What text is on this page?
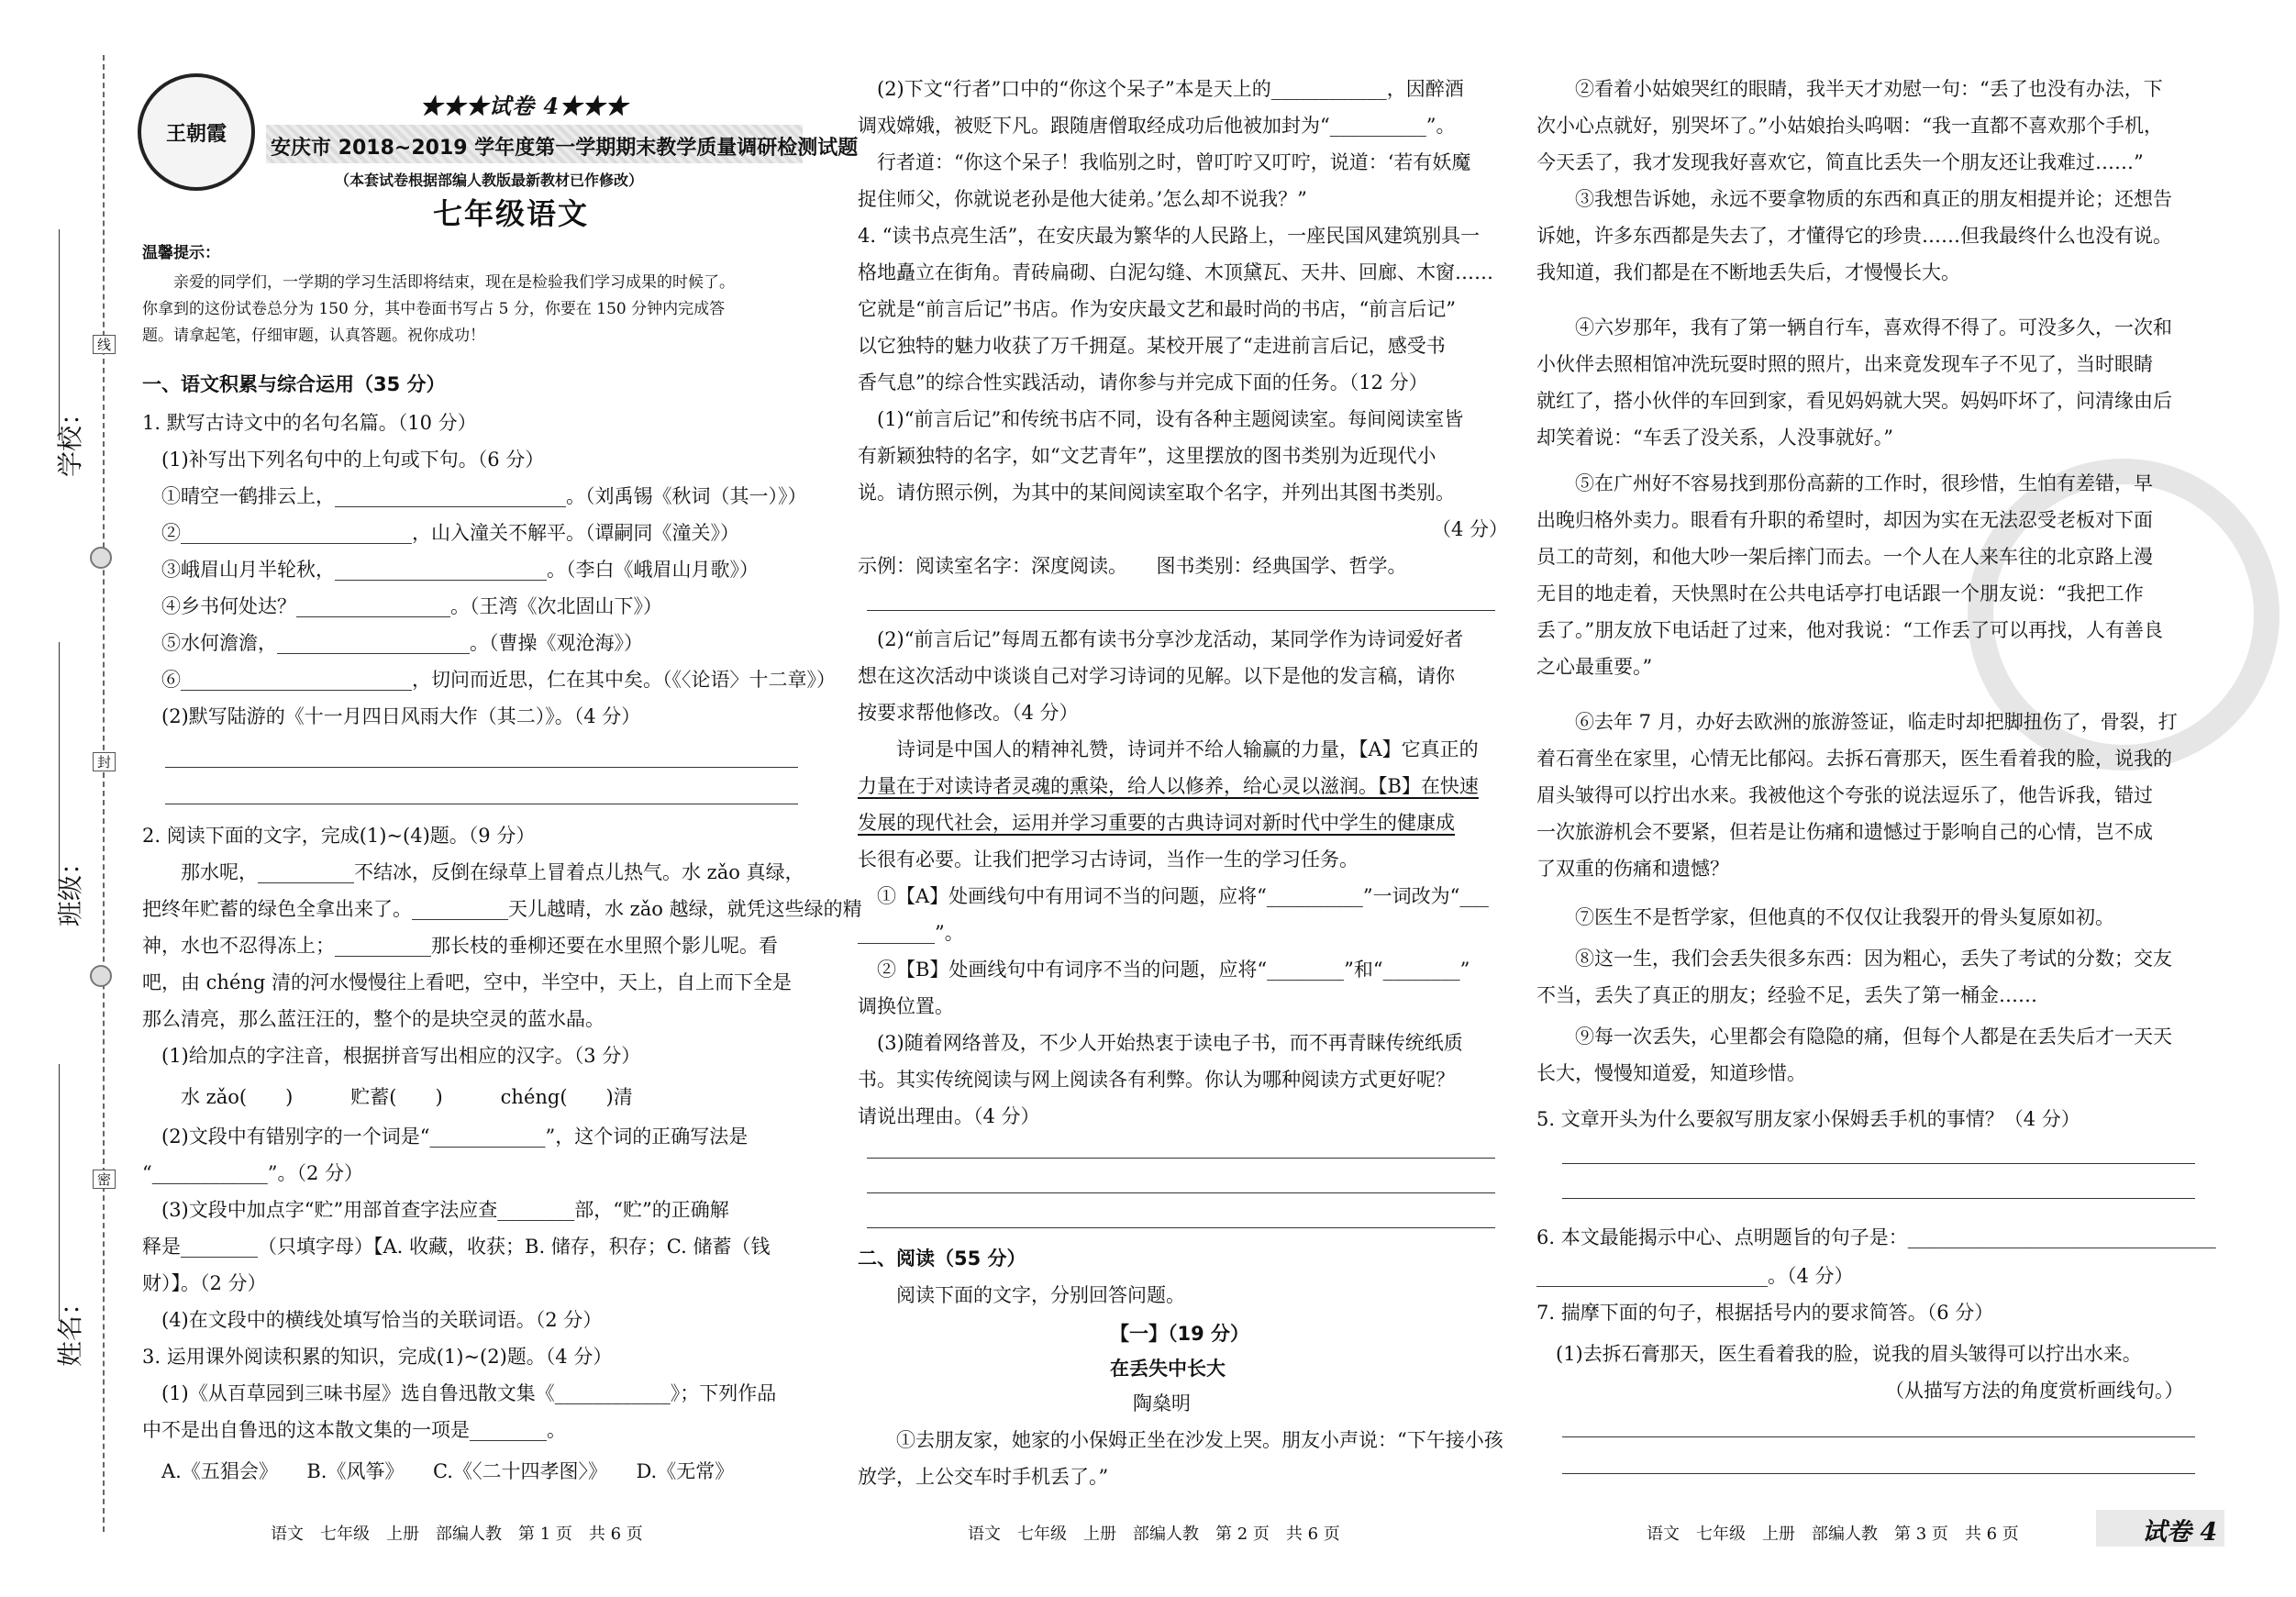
线
封
密
学校：
班级：
姓名：
王朝霞
★★★试卷 4★★★
安庆市 2018~2019 学年度第一学期期末教学质量调研检测试题
（本套试卷根据部编人教版最新教材已作修改）
七年级语文
温馨提示：
　　亲爱的同学们，一学期的学习生活即将结束，现在是检验我们学习成果的时候了。
你拿到的这份试卷总分为 150 分，其中卷面书写占 5 分，你要在 150 分钟内完成答
题。请拿起笔，仔细审题，认真答题。祝你成功！
一、语文积累与综合运用（35 分）
1. 默写古诗文中的名句名篇。（10 分）
　(1)补写出下列名句中的上句或下句。（6 分）
　①晴空一鹤排云上，________________________。（刘禹锡《秋词（其一）》）
　②________________________，山入潼关不解平。（谭嗣同《潼关》）
　③峨眉山月半轮秋，______________________。（李白《峨眉山月歌》）
　④乡书何处达？________________。（王湾《次北固山下》）
　⑤水何澹澹，____________________。（曹操《观沧海》）
　⑥________________________，切问而近思，仁在其中矣。（《〈论语〉十二章》）
　(2)默写陆游的《十一月四日风雨大作（其二）》。（4 分）
2. 阅读下面的文字，完成(1)~(4)题。（9 分）
　　那水呢，__________不结冰，反倒在绿草上冒着点儿热气。水 zǎo 真绿，
把终年贮蓄的绿色全拿出来了。__________天儿越晴，水 zǎo 越绿，就凭这些绿的精
神，水也不忍得冻上；__________那长枝的垂柳还要在水里照个影儿呢。看
吧，由 chéng 清的河水慢慢往上看吧，空中，半空中，天上，自上而下全是
那么清亮，那么蓝汪汪的，整个的是块空灵的蓝水晶。
　(1)给加点的字注音，根据拼音写出相应的汉字。（3 分）
　　水 zǎo(　　)　　　贮蓄(　　)　　　chéng(　　)清
　(2)文段中有错别字的一个词是“____________”，这个词的正确写法是
“____________”。（2 分）
　(3)文段中加点字“贮”用部首查字法应查________部，“贮”的正确解
释是________（只填字母）【A. 收藏，收获；B. 储存，积存；C. 储蓄（钱
财）】。（2 分）
　(4)在文段中的横线处填写恰当的关联词语。（2 分）
3. 运用课外阅读积累的知识，完成(1)~(2)题。（4 分）
　(1)《从百草园到三味书屋》选自鲁迅散文集《____________》；下列作品
中不是出自鲁迅的这本散文集的一项是________。
　A.《五猖会》　　B.《风筝》　　C.《〈二十四孝图〉》　　D.《无常》
语文　七年级　上册　部编人教　第 1 页　共 6 页
　(2)下文“行者”口中的“你这个呆子”本是天上的____________，因醉酒
调戏嫦娥，被贬下凡。跟随唐僧取经成功后他被加封为“__________”。
　行者道：“你这个呆子！我临别之时，曾叮咛又叮咛，说道：‘若有妖魔
捉住师父，你就说老孙是他大徒弟。’怎么却不说我？”
4. “读书点亮生活”，在安庆最为繁华的人民路上，一座民国风建筑别具一
格地矗立在街角。青砖扁砌、白泥勾缝、木顶黛瓦、天井、回廊、木窗……
它就是“前言后记”书店。作为安庆最文艺和最时尚的书店，“前言后记”
以它独特的魅力收获了万千拥趸。某校开展了“走进前言后记，感受书
香气息”的综合性实践活动，请你参与并完成下面的任务。（12 分）
　(1)“前言后记”和传统书店不同，设有各种主题阅读室。每间阅读室皆
有新颖独特的名字，如“文艺青年”，这里摆放的图书类别为近现代小
说。请仿照示例，为其中的某间阅读室取个名字，并列出其图书类别。
（4 分）
示例：阅读室名字：深度阅读。　　图书类别：经典国学、哲学。
　(2)“前言后记”每周五都有读书分享沙龙活动，某同学作为诗词爱好者
想在这次活动中谈谈自己对学习诗词的见解。以下是他的发言稿，请你
按要求帮他修改。（4 分）
　　诗词是中国人的精神礼赞，诗词并不给人输赢的力量，【A】它真正的
力量在于对读诗者灵魂的熏染，给人以修养，给心灵以滋润。【B】在快速
发展的现代社会，运用并学习重要的古典诗词对新时代中学生的健康成
长很有必要。让我们把学习古诗词，当作一生的学习任务。
　①【A】处画线句中有用词不当的问题，应将“__________”一词改为“___
________”。
　②【B】处画线句中有词序不当的问题，应将“________”和“________”
调换位置。
　(3)随着网络普及，不少人开始热衷于读电子书，而不再青睐传统纸质
书。其实传统阅读与网上阅读各有利弊。你认为哪种阅读方式更好呢？
请说出理由。（4 分）
二、阅读（55 分）
　　阅读下面的文字，分别回答问题。
【一】（19 分）
在丢失中长大
陶燊明
　　①去朋友家，她家的小保姆正坐在沙发上哭。朋友小声说：“下午接小孩
放学，上公交车时手机丢了。”
语文　七年级　上册　部编人教　第 2 页　共 6 页
　　②看着小姑娘哭红的眼睛，我半天才劝慰一句：“丢了也没有办法，下
次小心点就好，别哭坏了。”小姑娘抬头呜咽：“我一直都不喜欢那个手机，
今天丢了，我才发现我好喜欢它，简直比丢失一个朋友还让我难过……”
　　③我想告诉她，永远不要拿物质的东西和真正的朋友相提并论；还想告
诉她，许多东西都是失去了，才懂得它的珍贵……但我最终什么也没有说。
我知道，我们都是在不断地丢失后，才慢慢长大。
　　④六岁那年，我有了第一辆自行车，喜欢得不得了。可没多久，一次和
小伙伴去照相馆冲洗玩耍时照的照片，出来竟发现车子不见了，当时眼睛
就红了，搭小伙伴的车回到家，看见妈妈就大哭。妈妈吓坏了，问清缘由后
却笑着说：“车丢了没关系，人没事就好。”
　　⑤在广州好不容易找到那份高薪的工作时，很珍惜，生怕有差错，早
出晚归格外卖力。眼看有升职的希望时，却因为实在无法忍受老板对下面
员工的苛刻，和他大吵一架后摔门而去。一个人在人来车往的北京路上漫
无目的地走着，天快黑时在公共电话亭打电话跟一个朋友说：“我把工作
丢了。”朋友放下电话赶了过来，他对我说：“工作丢了可以再找，人有善良
之心最重要。”
　　⑥去年 7 月，办好去欧洲的旅游签证，临走时却把脚扭伤了，骨裂，打
着石膏坐在家里，心情无比郁闷。去拆石膏那天，医生看着我的脸，说我的
眉头皱得可以拧出水来。我被他这个夸张的说法逗乐了，他告诉我，错过
一次旅游机会不要紧，但若是让伤痛和遗憾过于影响自己的心情，岂不成
了双重的伤痛和遗憾？
　　⑦医生不是哲学家，但他真的不仅仅让我裂开的骨头复原如初。
　　⑧这一生，我们会丢失很多东西：因为粗心，丢失了考试的分数；交友
不当，丢失了真正的朋友；经验不足，丢失了第一桶金……
　　⑨每一次丢失，心里都会有隐隐的痛，但每个人都是在丢失后才一天天
长大，慢慢知道爱，知道珍惜。
5. 文章开头为什么要叙写朋友家小保姆丢手机的事情？（4 分）
6. 本文最能揭示中心、点明题旨的句子是：________________________________
________________________。（4 分）
7. 揣摩下面的句子，根据括号内的要求简答。（6 分）
　(1)去拆石膏那天，医生看着我的脸，说我的眉头皱得可以拧出水来。
（从描写方法的角度赏析画线句。）
语文　七年级　上册　部编人教　第 3 页　共 6 页	试卷 4
